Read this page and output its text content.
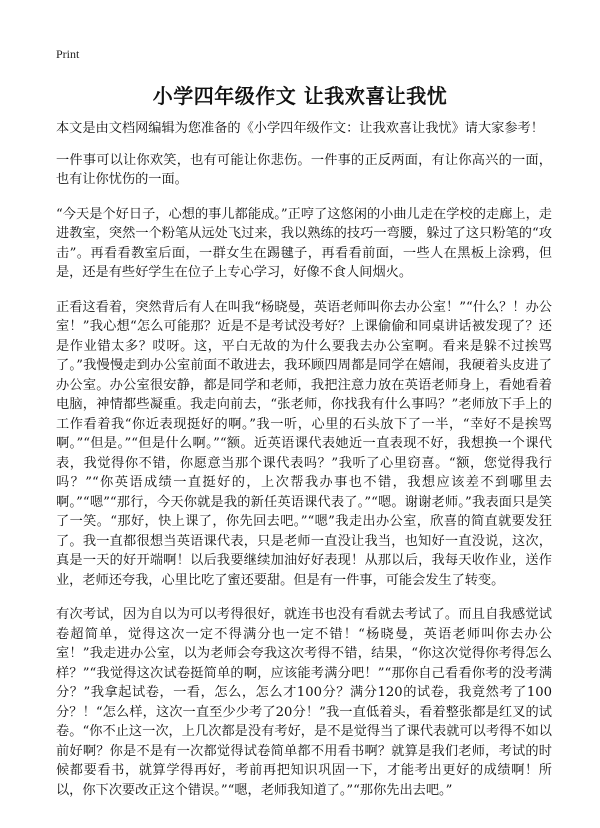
Print
小学四年级作文 让我欢喜让我忧

本文是由文档网编辑为您准备的《小学四年级作文：让我欢喜让我忧》请大家参考！

一件事可以让你欢笑，也有可能让你悲伤。一件事的正反两面，有让你高兴的一面，也有让你忧伤的一面。

“今天是个好日子，心想的事儿都能成。”正哼了这悠闲的小曲儿走在学校的走廊上，走进教室，突然一个粉笔从远处飞过来，我以熟练的技巧一弯腰，躲过了这只粉笔的“攻击”。再看看教室后面，一群女生在踢毽子，再看看前面，一些人在黑板上涂鸦，但是，还是有些好学生在位子上专心学习，好像不食人间烟火。

正看这看着，突然背后有人在叫我“杨晓曼，英语老师叫你去办公室！”“什么？！办公室！”我心想“怎么可能那？近是不是考试没考好？上课偷偷和同桌讲话被发现了？还是作业错太多？哎呀。这，平白无故的为什么要我去办公室啊。看来是躲不过挨骂了。”我慢慢走到办公室前面不敢进去，我环顾四周都是同学在嬉闹，我硬着头皮进了办公室。办公室很安静，都是同学和老师，我把注意力放在英语老师身上，看她看着电脑，神情都些凝重。我走向前去，“张老师，你找我有什么事吗？”老师放下手上的工作看着我“你近表现挺好的啊。”我一听，心里的石头放下了一半，“幸好不是挨骂啊。”“但是。”“但是什么啊。”“额。近英语课代表她近一直表现不好，我想换一个课代表，我觉得你不错，你愿意当那个课代表吗？”我听了心里窃喜。“额，您觉得我行吗？”“你英语成绩一直挺好的，上次帮我办事也不错，我想应该差不到哪里去啊。”“嗯”“那行，今天你就是我的新任英语课代表了。”“嗯。谢谢老师。”我表面只是笑了一笑。“那好，快上课了，你先回去吧。”“嗯”我走出办公室，欣喜的简直就要发狂了。我一直都很想当英语课代表，只是老师一直没让我当，也知好一直没说，这次，真是一天的好开端啊！以后我要继续加油好好表现！从那以后，我每天收作业，送作业，老师还夸我，心里比吃了蜜还要甜。但是有一件事，可能会发生了转变。

有次考试，因为自以为可以考得很好，就连书也没有看就去考试了。而且自我感觉试卷超简单，觉得这次一定不得满分也一定不错！“杨晓曼，英语老师叫你去办公室！”我走进办公室，以为老师会夸我这次考得不错，结果，“你这次觉得你考得怎么样？”“我觉得这次试卷挺简单的啊，应该能考满分吧！”“那你自己看看你考的没考满分？”我拿起试卷，一看，怎么，怎么才100分？满分120的试卷，我竟然考了100分？！“怎么样，这次一直至少少考了20分！”我一直低着头，看着整张都是红叉的试卷。“你不止这一次，上几次都是没有考好，是不是觉得当了课代表就可以考得不如以前好啊？你是不是有一次都觉得试卷简单都不用看书啊？就算是我们老师，考试的时候都要看书，就算学得再好，考前再把知识巩固一下，才能考出更好的成绩啊！所以，你下次要改正这个错误。”“嗯，老师我知道了。”“那你先出去吧。”
